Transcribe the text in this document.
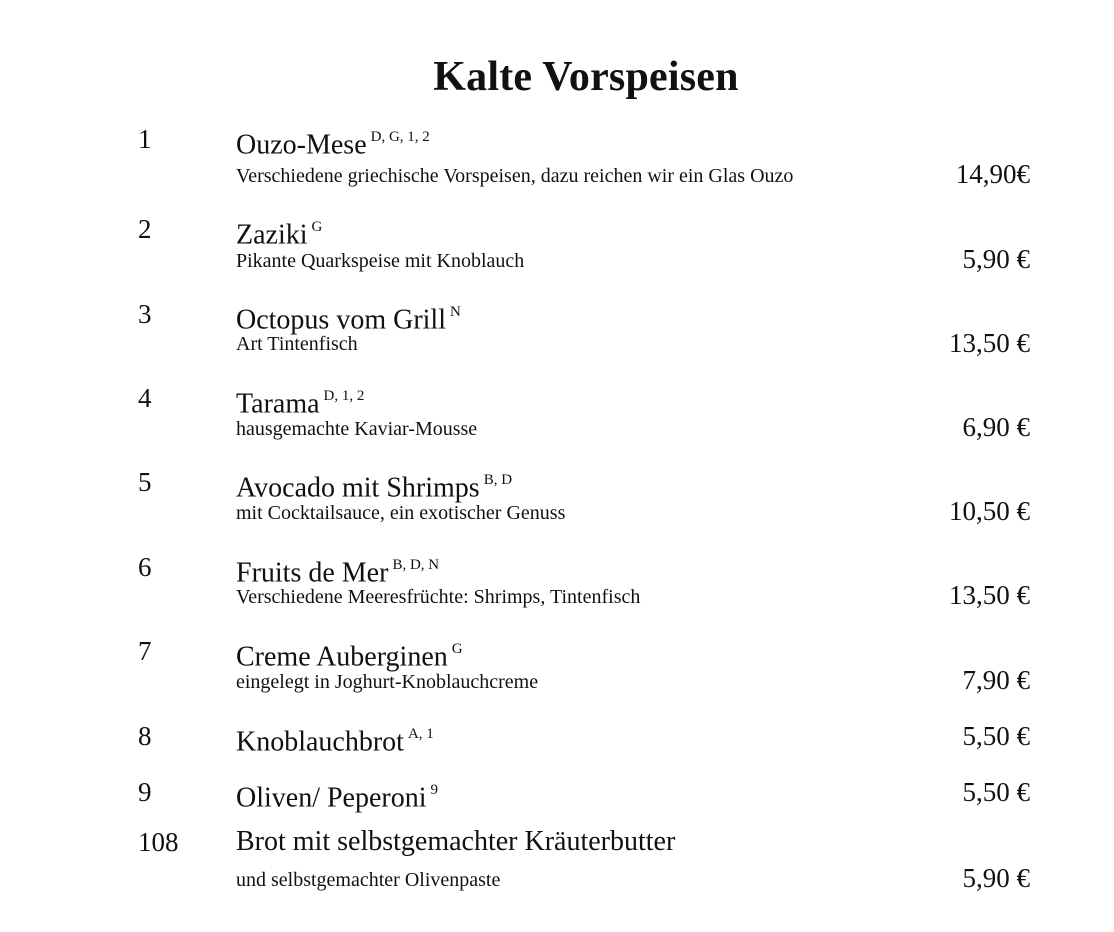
Kalte Vorspeisen
1	Ouzo-Mese $^{D, G, 1, 2}$
Verschiedene griechische Vorspeisen, dazu reichen wir ein Glas Ouzo	14,90€
2	Zaziki $^G$
Pikante Quarkspeise mit Knoblauch	5,90 €
3	Octopus vom Grill $^N$
Art Tintenfisch	13,50 €
4	Tarama $^{D, 1, 2}$
hausgemachte Kaviar-Mousse	6,90 €
5	Avocado mit Shrimps $^{B, D}$
mit Cocktailsauce, ein exotischer Genuss	10,50 €
6	Fruits de Mer $^{B, D, N}$
Verschiedene Meeresfrüchte: Shrimps, Tintenfisch	13,50 €
7	Creme Auberginen $^G$
eingelegt in Joghurt-Knoblauchcreme	7,90 €
8	Knoblauchbrot $^{A, 1}$	5,50 €
9	Oliven/ Peperoni $^9$	5,50 €
108 Brot mit selbstgemachter Kräuterbutter
und selbstgemachter Olivenpaste	5,90 €
